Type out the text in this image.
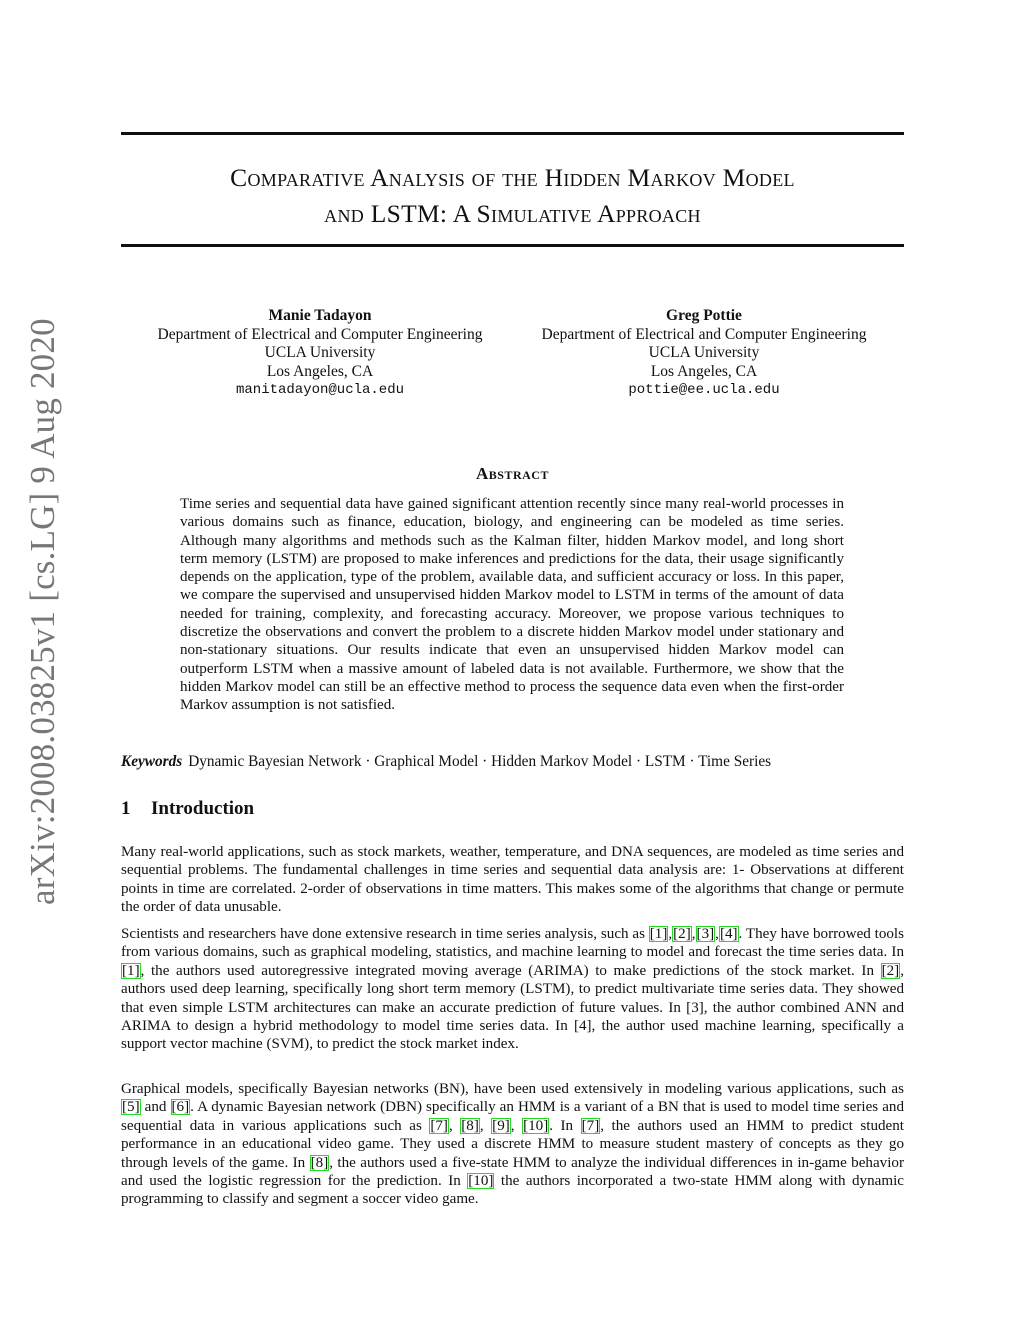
arXiv:2008.03825v1 [cs.LG] 9 Aug 2020
Comparative Analysis of the Hidden Markov Model
and LSTM: A Simulative Approach
Manie Tadayon
Department of Electrical and Computer Engineering
UCLA University
Los Angeles, CA
manitadayon@ucla.edu
Greg Pottie
Department of Electrical and Computer Engineering
UCLA University
Los Angeles, CA
pottie@ee.ucla.edu
Abstract
Time series and sequential data have gained significant attention recently since many real-world processes in various domains such as finance, education, biology, and engineering can be modeled as time series. Although many algorithms and methods such as the Kalman filter, hidden Markov model, and long short term memory (LSTM) are proposed to make inferences and predictions for the data, their usage significantly depends on the application, type of the problem, available data, and sufficient accuracy or loss. In this paper, we compare the supervised and unsupervised hidden Markov model to LSTM in terms of the amount of data needed for training, complexity, and forecasting accuracy. Moreover, we propose various techniques to discretize the observations and convert the problem to a discrete hidden Markov model under stationary and non-stationary situations. Our results indicate that even an unsupervised hidden Markov model can outperform LSTM when a massive amount of labeled data is not available. Furthermore, we show that the hidden Markov model can still be an effective method to process the sequence data even when the first-order Markov assumption is not satisfied.
Keywords Dynamic Bayesian Network · Graphical Model · Hidden Markov Model · LSTM · Time Series
1 Introduction
Many real-world applications, such as stock markets, weather, temperature, and DNA sequences, are modeled as time series and sequential problems. The fundamental challenges in time series and sequential data analysis are: 1- Observations at different points in time are correlated. 2-order of observations in time matters. This makes some of the algorithms that change or permute the order of data unusable.
Scientists and researchers have done extensive research in time series analysis, such as [1],[2],[3],[4]. They have borrowed tools from various domains, such as graphical modeling, statistics, and machine learning to model and forecast the time series data. In [1], the authors used autoregressive integrated moving average (ARIMA) to make predictions of the stock market. In [2], authors used deep learning, specifically long short term memory (LSTM), to predict multivariate time series data. They showed that even simple LSTM architectures can make an accurate prediction of future values. In [3], the author combined ANN and ARIMA to design a hybrid methodology to model time series data. In [4], the author used machine learning, specifically a support vector machine (SVM), to predict the stock market index.
Graphical models, specifically Bayesian networks (BN), have been used extensively in modeling various applications, such as [5] and [6]. A dynamic Bayesian network (DBN) specifically an HMM is a variant of a BN that is used to model time series and sequential data in various applications such as [7], [8], [9], [10]. In [7], the authors used an HMM to predict student performance in an educational video game. They used a discrete HMM to measure student mastery of concepts as they go through levels of the game. In [8], the authors used a five-state HMM to analyze the individual differences in in-game behavior and used the logistic regression for the prediction. In [10] the authors incorporated a two-state HMM along with dynamic programming to classify and segment a soccer video game.
